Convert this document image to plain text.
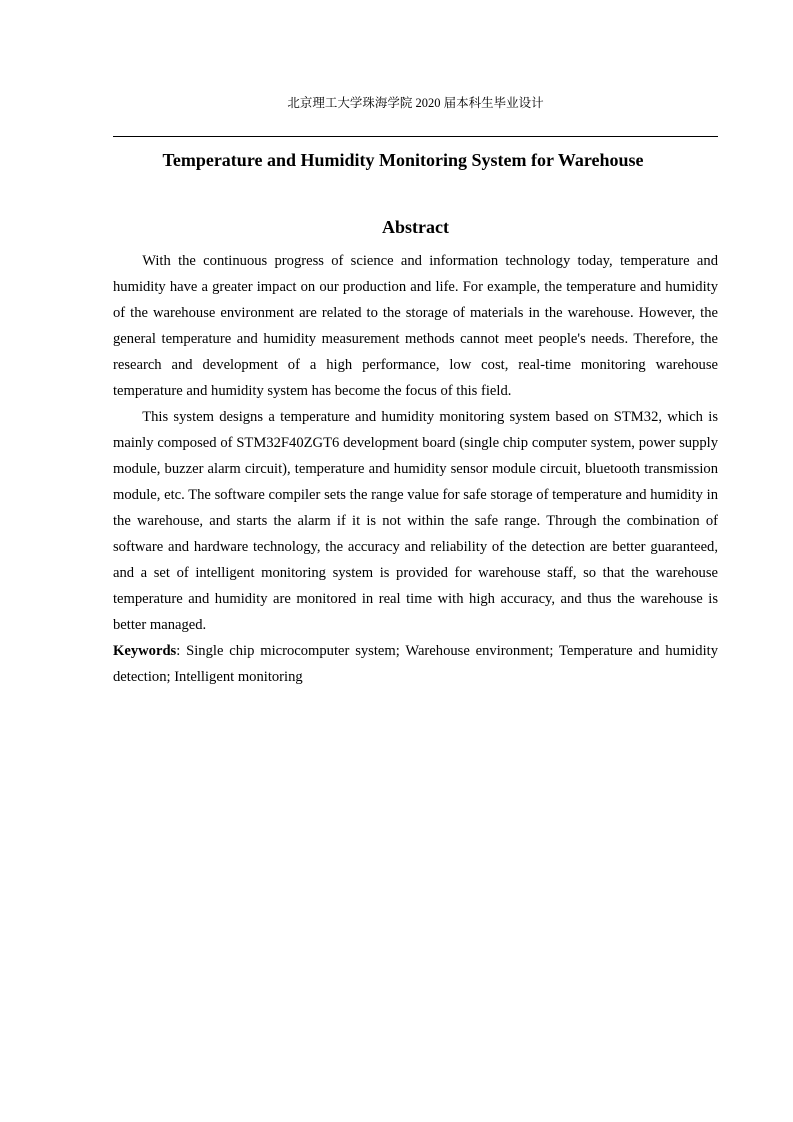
北京理工大学珠海学院 2020 届本科生毕业设计
Temperature and Humidity Monitoring System for Warehouse
Abstract

With the continuous progress of science and information technology today, temperature and humidity have a greater impact on our production and life. For example, the temperature and humidity of the warehouse environment are related to the storage of materials in the warehouse. However, the general temperature and humidity measurement methods cannot meet people's needs. Therefore, the research and development of a high performance, low cost, real-time monitoring warehouse temperature and humidity system has become the focus of this field.

This system designs a temperature and humidity monitoring system based on STM32, which is mainly composed of STM32F40ZGT6 development board (single chip computer system, power supply module, buzzer alarm circuit), temperature and humidity sensor module circuit, bluetooth transmission module, etc. The software compiler sets the range value for safe storage of temperature and humidity in the warehouse, and starts the alarm if it is not within the safe range. Through the combination of software and hardware technology, the accuracy and reliability of the detection are better guaranteed, and a set of intelligent monitoring system is provided for warehouse staff, so that the warehouse temperature and humidity are monitored in real time with high accuracy, and thus the warehouse is better managed.

Keywords: Single chip microcomputer system; Warehouse environment; Temperature and humidity detection; Intelligent monitoring
